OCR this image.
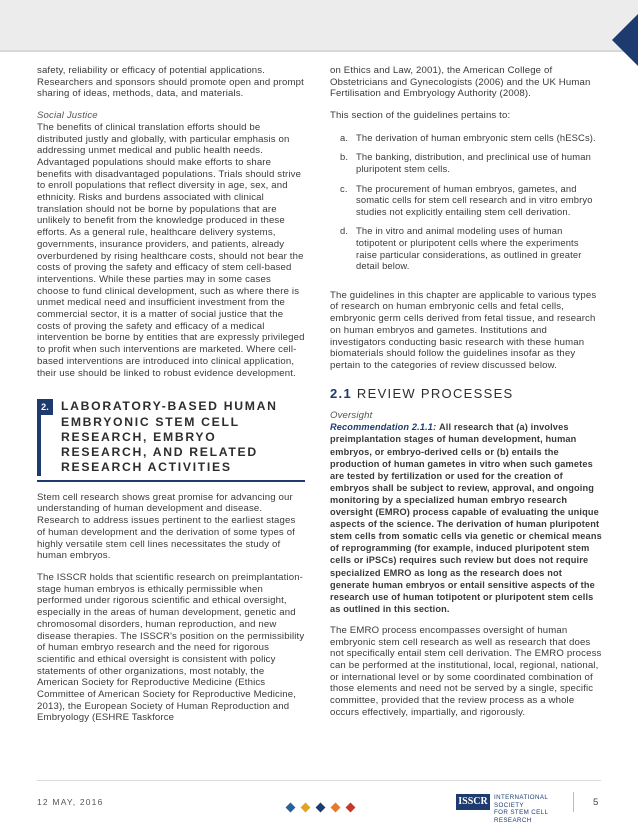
safety, reliability or efficacy of potential applications. Researchers and sponsors should promote open and prompt sharing of ideas, methods, data, and materials.

Social Justice

The benefits of clinical translation efforts should be distributed justly and globally, with particular emphasis on addressing unmet medical and public health needs. Advantaged populations should make efforts to share benefits with disadvantaged populations. Trials should strive to enroll populations that reflect diversity in age, sex, and ethnicity. Risks and burdens associated with clinical translation should not be borne by populations that are unlikely to benefit from the knowledge produced in these efforts. As a general rule, healthcare delivery systems, governments, insurance providers, and patients, already overburdened by rising healthcare costs, should not bear the costs of proving the safety and efficacy of stem cell-based interventions. While these parties may in some cases choose to fund clinical development, such as where there is unmet medical need and insufficient investment from the commercial sector, it is a matter of social justice that the costs of proving the safety and efficacy of a medical intervention be borne by entities that are expressly privileged to profit when such interventions are marketed. Where cell-based interventions are introduced into clinical application, their use should be linked to robust evidence development.

2. LABORATORY-BASED HUMAN EMBRYONIC STEM CELL RESEARCH, EMBRYO RESEARCH, AND RELATED RESEARCH ACTIVITIES

Stem cell research shows great promise for advancing our understanding of human development and disease. Research to address issues pertinent to the earliest stages of human development and the derivation of some types of highly versatile stem cell lines necessitates the study of human embryos.

The ISSCR holds that scientific research on preimplantation-stage human embryos is ethically permissible when performed under rigorous scientific and ethical oversight, especially in the areas of human development, genetic and chromosomal disorders, human reproduction, and new disease therapies. The ISSCR's position on the permissibility of human embryo research and the need for rigorous scientific and ethical oversight is consistent with policy statements of other organizations, most notably, the American Society for Reproductive Medicine (Ethics Committee of American Society for Reproductive Medicine, 2013), the European Society of Human Reproduction and Embryology (ESHRE Taskforce

on Ethics and Law, 2001), the American College of Obstetricians and Gynecologists (2006) and the UK Human Fertilisation and Embryology Authority (2008).

This section of the guidelines pertains to:

a. The derivation of human embryonic stem cells (hESCs).
b. The banking, distribution, and preclinical use of human pluripotent stem cells.
c. The procurement of human embryos, gametes, and somatic cells for stem cell research and in vitro embryo studies not explicitly entailing stem cell derivation.
d. The in vitro and animal modeling uses of human totipotent or pluripotent cells where the experiments raise particular considerations, as outlined in greater detail below.

The guidelines in this chapter are applicable to various types of research on human embryonic cells and fetal cells, embryonic germ cells derived from fetal tissue, and research on human embryos and gametes. Institutions and investigators conducting basic research with these human biomaterials should follow the guidelines insofar as they pertain to the categories of review discussed below.

2.1 REVIEW PROCESSES

Oversight

Recommendation 2.1.1: All research that (a) involves preimplantation stages of human development, human embryos, or embryo-derived cells or (b) entails the production of human gametes in vitro when such gametes are tested by fertilization or used for the creation of embryos shall be subject to review, approval, and ongoing monitoring by a specialized human embryo research oversight (EMRO) process capable of evaluating the unique aspects of the science. The derivation of human pluripotent stem cells from somatic cells via genetic or chemical means of reprogramming (for example, induced pluripotent stem cells or iPSCs) requires such review but does not require specialized EMRO as long as the research does not generate human embryos or entail sensitive aspects of the research use of human totipotent or pluripotent stem cells as outlined in this section.

The EMRO process encompasses oversight of human embryonic stem cell research as well as research that does not specifically entail stem cell derivation. The EMRO process can be performed at the institutional, local, regional, national, or international level or by some coordinated combination of those elements and need not be served by a single, specific committee, provided that the review process as a whole occurs effectively, impartially, and rigorously.

12 MAY, 2016	ISSCR	INTERNATIONAL SOCIETY
FOR STEM CELL RESEARCH
5
